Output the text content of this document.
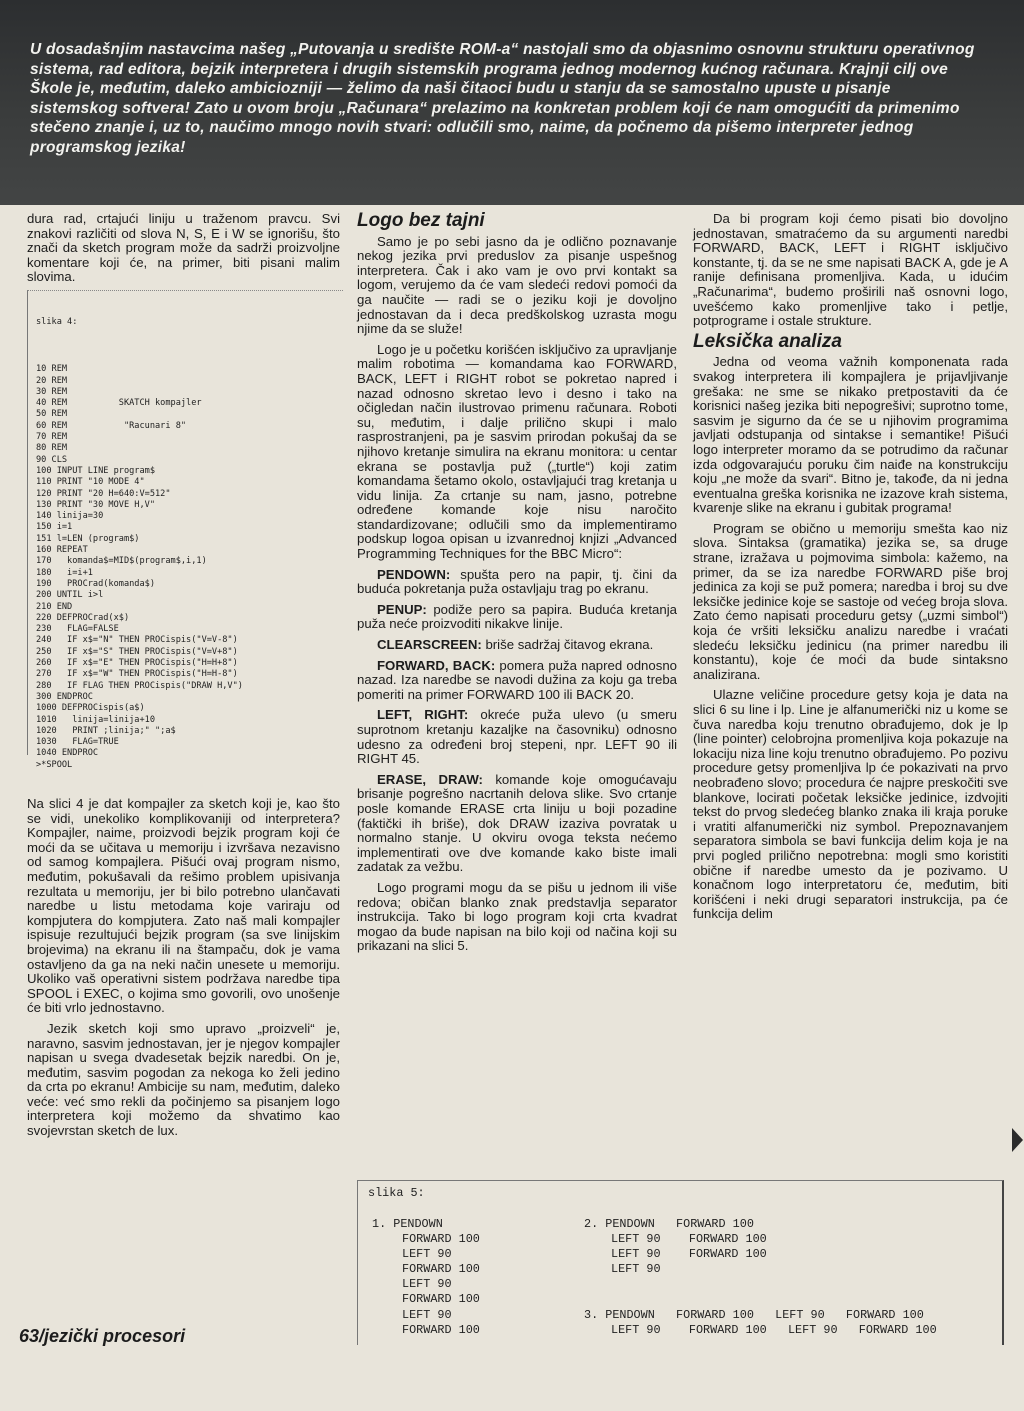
U dosadašnjim nastavcima našeg „Putovanja u središte ROM-a“ nastojali smo da objasnimo osnovnu strukturu operativnog sistema, rad editora, bejzik interpretera i drugih sistemskih programa jednog modernog kućnog računara. Krajnji cilj ove Škole je, međutim, daleko ambiciozniji — želimo da naši čitaoci budu u stanju da se samostalno upuste u pisanje sistemskog softvera! Zato u ovom broju „Računara“ prelazimo na konkretan problem koji će nam omogućiti da primenimo stečeno znanje i, uz to, naučimo mnogo novih stvari: odlučili smo, naime, da počnemo da pišemo interpreter jednog programskog jezika!

dura rad, crtajući liniju u traženom pravcu. Svi znakovi različiti od slova N, S, E i W se ignorišu, što znači da sketch program može da sadrži proizvoljne komentare koji će, na primer, biti pisani malim slovima.

slika 4:
10 REM
20 REM
30 REM
40 REM          SKATCH kompajler
50 REM
60 REM           "Racunari 8"
70 REM
80 REM
90 CLS
100 INPUT LINE program$
110 PRINT "10 MODE 4"
120 PRINT "20 H=640:V=512"
130 PRINT "30 MOVE H,V"
140 linija=30
150 i=1
151 l=LEN (program$)
160 REPEAT
170   komanda$=MID$(program$,i,1)
180   i=i+1
190   PROCrad(komanda$)
200 UNTIL i>l
210 END
220 DEFPROCrad(x$)
230   FLAG=FALSE
240   IF x$="N" THEN PROCispis("V=V-8")
250   IF x$="S" THEN PROCispis("V=V+8")
260   IF x$="E" THEN PROCispis("H=H+8")
270   IF x$="W" THEN PROCispis("H=H-8")
280   IF FLAG THEN PROCispis("DRAW H,V")
300 ENDPROC
1000 DEFPROCispis(a$)
1010   linija=linija+10
1020   PRINT ;linija;" ";a$
1030   FLAG=TRUE
1040 ENDPROC
>*SPOOL

Na slici 4 je dat kompajler za sketch koji je, kao što se vidi, unekoliko komplikovaniji od interpretera? Kompajler, naime, proizvodi bejzik program koji će moći da se učitava u memoriju i izvršava nezavisno od samog kompajlera. Pišući ovaj program nismo, međutim, pokušavali da rešimo problem upisivanja rezultata u memoriju, jer bi bilo potrebno ulančavati naredbe u listu metodama koje variraju od kompjutera do kompjutera. Zato naš mali kompajler ispisuje rezultujući bejzik program (sa sve linijskim brojevima) na ekranu ili na štampaču, dok je vama ostavljeno da ga na neki način unesete u memoriju. Ukoliko vaš operativni sistem podržava naredbe tipa SPOOL i EXEC, o kojima smo govorili, ovo unošenje će biti vrlo jednostavno.

Jezik sketch koji smo upravo „proizveli“ je, naravno, sasvim jednostavan, jer je njegov kompajler napisan u svega dvadesetak bejzik naredbi. On je, međutim, sasvim pogodan za nekoga ko želi jedino da crta po ekranu! Ambicije su nam, međutim, daleko veće: već smo rekli da počinjemo sa pisanjem logo interpretera koji možemo da shvatimo kao svojevrstan sketch de lux.

Logo bez tajni

Samo je po sebi jasno da je odlično poznavanje nekog jezika prvi preduslov za pisanje uspešnog interpretera. Čak i ako vam je ovo prvi kontakt sa logom, verujemo da će vam sledeći redovi pomoći da ga naučite — radi se o jeziku koji je dovoljno jednostavan da i deca predškolskog uzrasta mogu njime da se služe!

Logo je u početku korišćen isključivo za upravljanje malim robotima — komandama kao FORWARD, BACK, LEFT i RIGHT robot se pokretao napred i nazad odnosno skretao levo i desno i tako na očigledan način ilustrovao primenu računara. Roboti su, međutim, i dalje prilično skupi i malo rasprostranjeni, pa je sasvim prirodan pokušaj da se njihovo kretanje simulira na ekranu monitora: u centar ekrana se postavlja puž („turtle“) koji zatim komandama šetamo okolo, ostavljajući trag kretanja u vidu linija. Za crtanje su nam, jasno, potrebne određene komande koje nisu naročito standardizovane; odlučili smo da implementiramo podskup logoa opisan u izvanrednoj knjizi „Advanced Programming Techniques for the BBC Micro“:

PENDOWN: spušta pero na papir, tj. čini da buduća pokretanja puža ostavljaju trag po ekranu.

PENUP: podiže pero sa papira. Buduća kretanja puža neće proizvoditi nikakve linije.

CLEARSCREEN: briše sadržaj čitavog ekrana.

FORWARD, BACK: pomera puža napred odnosno nazad. Iza naredbe se navodi dužina za koju ga treba pomeriti na primer FORWARD 100 ili BACK 20.

LEFT, RIGHT: okreće puža ulevo (u smeru suprotnom kretanju kazaljke na časovniku) odnosno udesno za određeni broj stepeni, npr. LEFT 90 ili RIGHT 45.

ERASE, DRAW: komande koje omogućavaju brisanje pogrešno nacrtanih delova slike. Svo crtanje posle komande ERASE crta liniju u boji pozadine (faktički ih briše), dok DRAW izaziva povratak u normalno stanje. U okviru ovoga teksta nećemo implementirati ove dve komande kako biste imali zadatak za vežbu.

Logo programi mogu da se pišu u jednom ili više redova; običan blanko znak predstavlja separator instrukcija. Tako bi logo program koji crta kvadrat mogao da bude napisan na bilo koji od načina koji su prikazani na slici 5.

Da bi program koji ćemo pisati bio dovoljno jednostavan, smatraćemo da su argumenti naredbi FORWARD, BACK, LEFT i RIGHT isključivo konstante, tj. da se ne sme napisati BACK A, gde je A ranije definisana promenljiva. Kada, u idućim „Računarima“, budemo proširili naš osnovni logo, uvešćemo kako promenljive tako i petlje, potprograme i ostale strukture.

Leksička analiza

Jedna od veoma važnih komponenata rada svakog interpretera ili kompajlera je prijavljivanje grešaka: ne sme se nikako pretpostaviti da će korisnici našeg jezika biti nepogrešivi; suprotno tome, sasvim je sigurno da će se u njihovim programima javljati odstupanja od sintakse i semantike! Pišući logo interpreter moramo da se potrudimo da računar izda odgovarajuću poruku čim naiđe na konstrukciju koju „ne može da svari“. Bitno je, takođe, da ni jedna eventualna greška korisnika ne izazove krah sistema, kvarenje slike na ekranu i gubitak programa!

Program se obično u memoriju smešta kao niz slova. Sintaksa (gramatika) jezika se, sa druge strane, izražava u pojmovima simbola: kažemo, na primer, da se iza naredbe FORWARD piše broj jedinica za koji se puž pomera; naredba i broj su dve leksičke jedinice koje se sastoje od većeg broja slova. Zato ćemo napisati proceduru getsy („uzmi simbol“) koja će vršiti leksičku analizu naredbe i vraćati sledeću leksičku jedinicu (na primer naredbu ili konstantu), koje će moći da bude sintaksno analizirana.

Ulazne veličine procedure getsy koja je data na slici 6 su line i lp. Line je alfanumerički niz u kome se čuva naredba koju trenutno obrađujemo, dok je lp (line pointer) celobrojna promenljiva koja pokazuje na lokaciju niza line koju trenutno obrađujemo. Po pozivu procedure getsy promenljiva lp će pokazivati na prvo neobrađeno slovo; procedura će najpre preskočiti sve blankove, locirati početak leksičke jedinice, izdvojiti tekst do prvog sledećeg blanko znaka ili kraja poruke i vratiti alfanumerički niz symbol. Prepoznavanjem separatora simbola se bavi funkcija delim koja je na prvi pogled prilično nepotrebna: mogli smo koristiti obične if naredbe umesto da je pozivamo. U konačnom logo interpretatoru će, međutim, biti korišćeni i neki drugi separatori instrukcija, pa će funkcija delim

slika 5:
1. PENDOWN	2. PENDOWN   FORWARD 100
FORWARD 100	LEFT 90    FORWARD 100
LEFT 90	LEFT 90    FORWARD 100
FORWARD 100	LEFT 90
LEFT 90
FORWARD 100
LEFT 90	3. PENDOWN   FORWARD 100   LEFT 90   FORWARD 100
FORWARD 100	LEFT 90    FORWARD 100   LEFT 90   FORWARD 100
63/jezički procesori
